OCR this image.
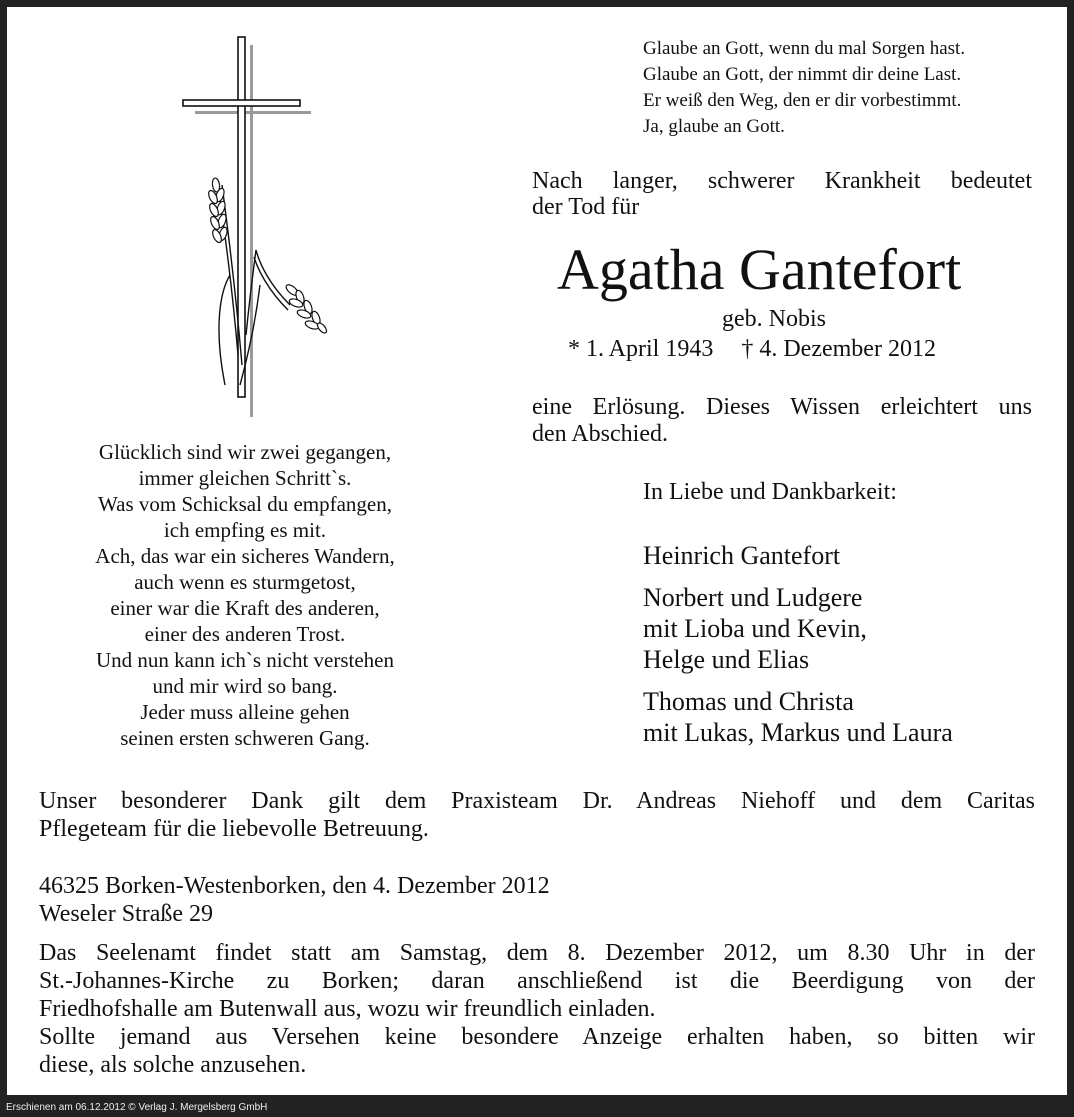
Glaube an Gott, wenn du mal Sorgen hast.
Glaube an Gott, der nimmt dir deine Last.
Er weiß den Weg, den er dir vorbestimmt.
Ja, glaube an Gott.
Nach langer, schwerer Krankheit bedeutet
der Tod für
Agatha Gantefort
geb. Nobis
* 1. April 1943 † 4. Dezember 2012
eine Erlösung. Dieses Wissen erleichtert uns
den Abschied.
In Liebe und Dankbarkeit:
Heinrich Gantefort
Norbert und Ludgere
mit Lioba und Kevin,
Helge und Elias
Thomas und Christa
mit Lukas, Markus und Laura
Glücklich sind wir zwei gegangen,
immer gleichen Schritt`s.
Was vom Schicksal du empfangen,
ich empfing es mit.
Ach, das war ein sicheres Wandern,
auch wenn es sturmgetost,
einer war die Kraft des anderen,
einer des anderen Trost.
Und nun kann ich`s nicht verstehen
und mir wird so bang.
Jeder muss alleine gehen
seinen ersten schweren Gang.
Unser besonderer Dank gilt dem Praxisteam Dr. Andreas Niehoff und dem Caritas
Pflegeteam für die liebevolle Betreuung.
46325 Borken-Westenborken, den 4. Dezember 2012
Weseler Straße 29
Das Seelenamt findet statt am Samstag, dem 8. Dezember 2012, um 8.30 Uhr in der
St.-Johannes-Kirche zu Borken; daran anschließend ist die Beerdigung von der
Friedhofshalle am Butenwall aus, wozu wir freundlich einladen.
Sollte jemand aus Versehen keine besondere Anzeige erhalten haben, so bitten wir
diese, als solche anzusehen.
Erschienen am 06.12.2012 © Verlag J. Mergelsberg GmbH
